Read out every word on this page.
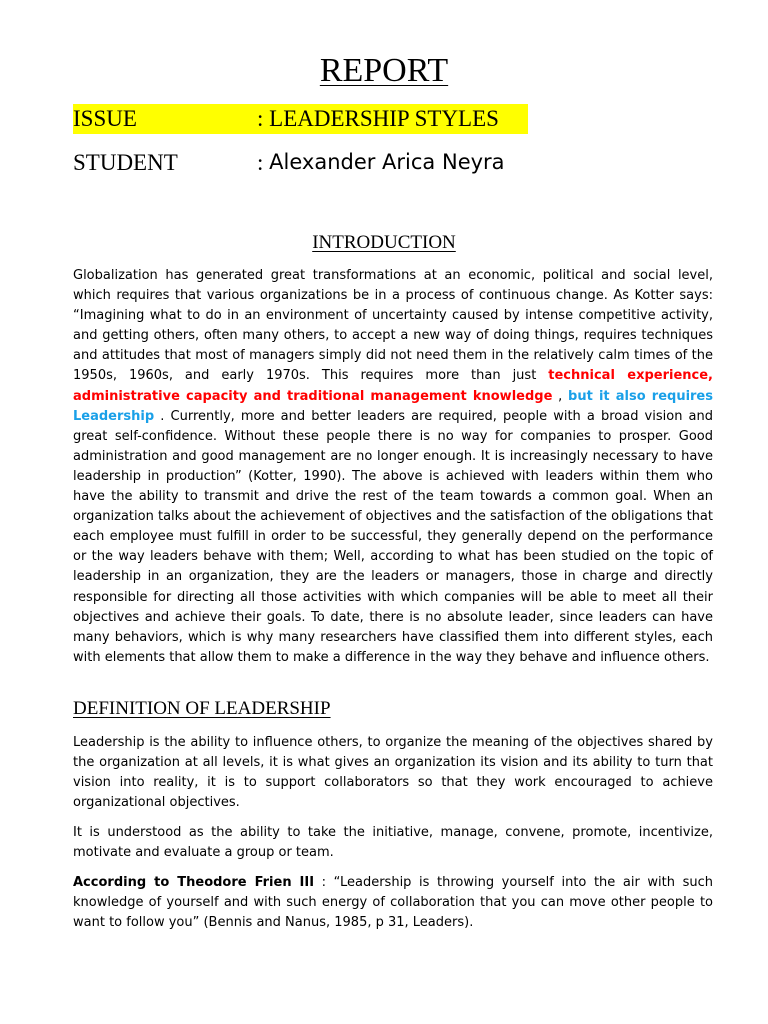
REPORT
ISSUE	: LEADERSHIP STYLES
STUDENT	: Alexander Arica Neyra
INTRODUCTION

Globalization has generated great transformations at an economic, political and social level, which requires that various organizations be in a process of continuous change. As Kotter says: “Imagining what to do in an environment of uncertainty caused by intense competitive activity, and getting others, often many others, to accept a new way of doing things, requires techniques and attitudes that most of managers simply did not need them in the relatively calm times of the 1950s, 1960s, and early 1970s. This requires more than just technical experience, administrative capacity and traditional management knowledge , but it also requires Leadership . Currently, more and better leaders are required, people with a broad vision and great self-confidence. Without these people there is no way for companies to prosper. Good administration and good management are no longer enough. It is increasingly necessary to have leadership in production” (Kotter, 1990). The above is achieved with leaders within them who have the ability to transmit and drive the rest of the team towards a common goal. When an organization talks about the achievement of objectives and the satisfaction of the obligations that each employee must fulfill in order to be successful, they generally depend on the performance or the way leaders behave with them; Well, according to what has been studied on the topic of leadership in an organization, they are the leaders or managers, those in charge and directly responsible for directing all those activities with which companies will be able to meet all their objectives and achieve their goals. To date, there is no absolute leader, since leaders can have many behaviors, which is why many researchers have classified them into different styles, each with elements that allow them to make a difference in the way they behave and influence others.

DEFINITION OF LEADERSHIP

Leadership is the ability to influence others, to organize the meaning of the objectives shared by the organization at all levels, it is what gives an organization its vision and its ability to turn that vision into reality, it is to support collaborators so that they work encouraged to achieve organizational objectives.

It is understood as the ability to take the initiative, manage, convene, promote, incentivize, motivate and evaluate a group or team.

According to Theodore Frien III : “Leadership is throwing yourself into the air with such knowledge of yourself and with such energy of collaboration that you can move other people to want to follow you” (Bennis and Nanus, 1985, p 31, Leaders).
